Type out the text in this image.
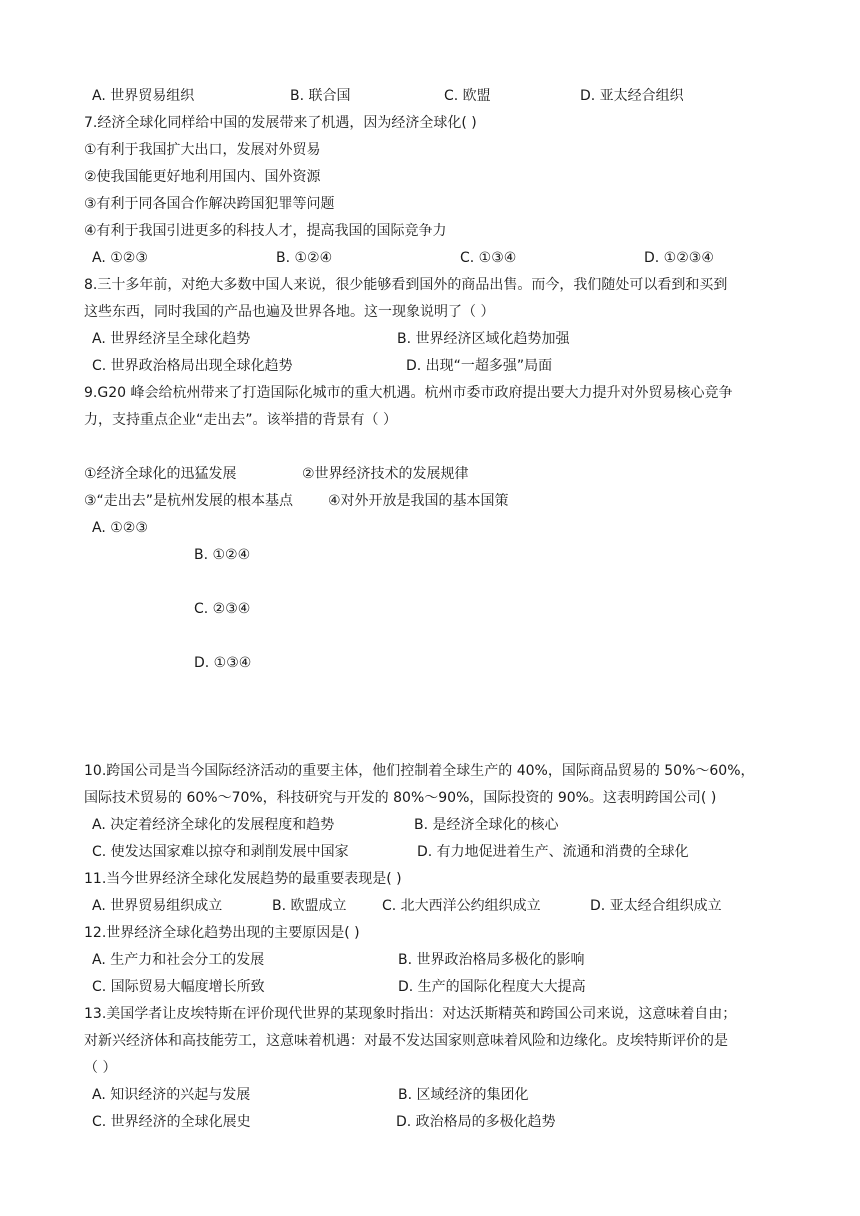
A. 世界贸易组织	B. 联合国	C. 欧盟	D. 亚太经合组织
7.经济全球化同样给中国的发展带来了机遇，因为经济全球化( )
①有利于我国扩大出口，发展对外贸易
②使我国能更好地利用国内、国外资源
③有利于同各国合作解决跨国犯罪等问题
④有利于我国引进更多的科技人才，提高我国的国际竞争力
A. ①②③	B. ①②④	C. ①③④	D. ①②③④
8.三十多年前，对绝大多数中国人来说，很少能够看到国外的商品出售。而今，我们随处可以看到和买到
这些东西，同时我国的产品也遍及世界各地。这一现象说明了（ ）
A. 世界经济呈全球化趋势	B. 世界经济区域化趋势加强
C. 世界政治格局出现全球化趋势	D. 出现“一超多强”局面
9.G20 峰会给杭州带来了打造国际化城市的重大机遇。杭州市委市政府提出要大力提升对外贸易核心竞争
力，支持重点企业“走出去”。该举措的背景有（ ）
①经济全球化的迅猛发展	②世界经济技术的发展规律
③“走出去”是杭州发展的根本基点 ④对外开放是我国的基本国策
A. ①②③
B. ①②④
C. ②③④
D. ①③④
10.跨国公司是当今国际经济活动的重要主体，他们控制着全球生产的 40%，国际商品贸易的 50%～60%，
国际技术贸易的 60%～70%，科技研究与开发的 80%～90%，国际投资的 90%。这表明跨国公司( )
A. 决定着经济全球化的发展程度和趋势	B. 是经济全球化的核心
C. 使发达国家难以掠夺和剥削发展中国家	D. 有力地促进着生产、流通和消费的全球化
11.当今世界经济全球化发展趋势的最重要表现是( )
A. 世界贸易组织成立	B. 欧盟成立	C. 北大西洋公约组织成立	D. 亚太经合组织成立
12.世界经济全球化趋势出现的主要原因是( )
A. 生产力和社会分工的发展	B. 世界政治格局多极化的影响
C. 国际贸易大幅度增长所致	D. 生产的国际化程度大大提高
13.美国学者让皮埃特斯在评价现代世界的某现象时指出：对达沃斯精英和跨国公司来说，这意味着自由；
对新兴经济体和高技能劳工，这意味着机遇：对最不发达国家则意味着风险和边缘化。皮埃特斯评价的是
（ ）
A. 知识经济的兴起与发展	B. 区域经济的集团化
C. 世界经济的全球化展史	D. 政治格局的多极化趋势
